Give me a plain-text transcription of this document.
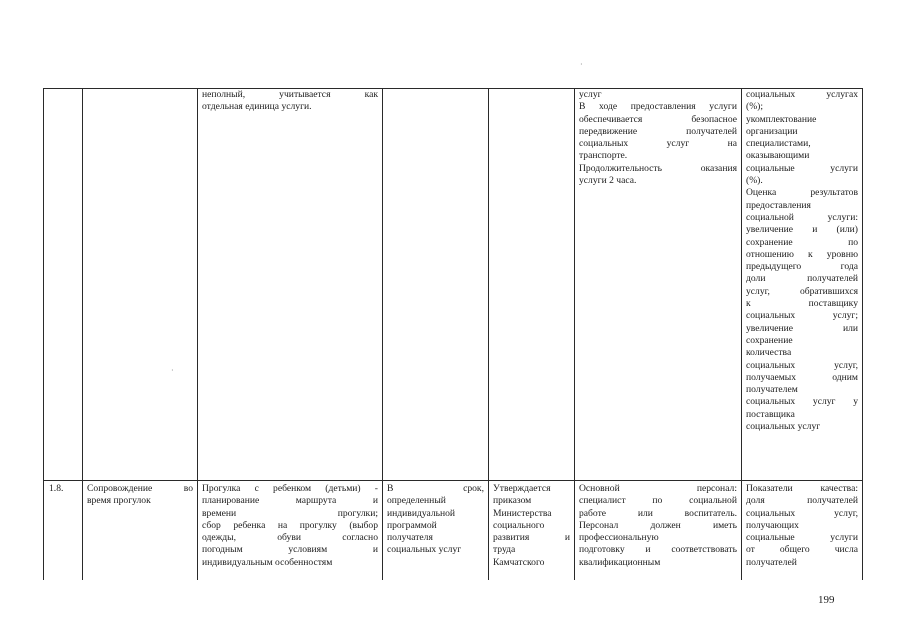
неполный, учитывается как
отдельная единица услуги.
услуг
В ходе предоставления услуги
обеспечивается безопасное
передвижение получателей
социальных услуг на
транспорте.
Продолжительность оказания
услуги 2 часа.
социальных услугах
(%);
укомплектование
организации
специалистами,
оказывающими
социальные услуги
(%).
Оценка результатов
предоставления
социальной услуги:
увеличение и (или)
сохранение по
отношению к уровню
предыдущего года
доли получателей
услуг, обратившихся
к поставщику
социальных услуг;
увеличение или
сохранение
количества
социальных услуг,
получаемых одним
получателем
социальных услуг у
поставщика
социальных услуг
1.8.	Сопровождение во
время прогулок
Прогулка с ребенком (детьми) -
планирование маршрута и
времени прогулки;
сбор ребенка на прогулку (выбор
одежды, обуви согласно
погодным условиям и
индивидуальным особенностям
В срок,
определенный
индивидуальной
программой
получателя
социальных услуг
Утверждается
приказом
Министерства
социального
развития и
труда
Камчатского
Основной персонал:
специалист по социальной
работе или воспитатель.
Персонал должен иметь
профессиональную
подготовку и соответствовать
квалификационным
Показатели качества:
доля получателей
социальных услуг,
получающих
социальные услуги
от общего числа
получателей
·
·
199
